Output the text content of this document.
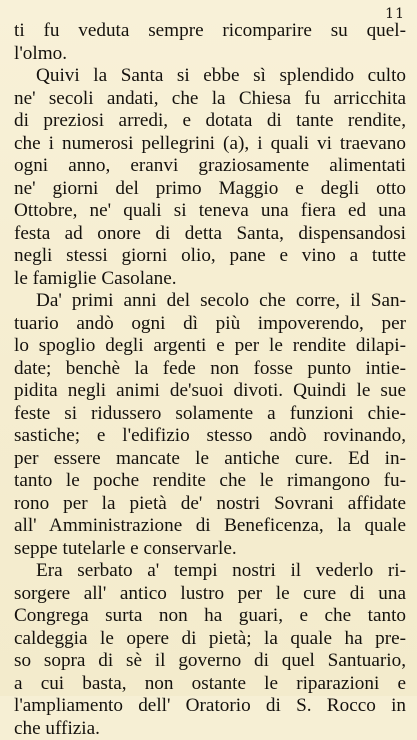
11
ti fu veduta sempre ricomparire su quel-
l'olmo.
Quivi la Santa si ebbe sì splendido culto
ne' secoli andati, che la Chiesa fu arricchita
di preziosi arredi, e dotata di tante rendite,
che i numerosi pellegrini (a), i quali vi traevano
ogni anno, eranvi graziosamente alimentati
ne' giorni del primo Maggio e degli otto
Ottobre, ne' quali si teneva una fiera ed una
festa ad onore di detta Santa, dispensandosi
negli stessi giorni olio, pane e vino a tutte
le famiglie Casolane.
Da' primi anni del secolo che corre, il San-
tuario andò ogni dì più impoverendo, per
lo spoglio degli argenti e per le rendite dilapi-
date; benchè la fede non fosse punto intie-
pidita negli animi de'suoi divoti. Quindi le sue
feste si ridussero solamente a funzioni chie-
sastiche; e l'edifizio stesso andò rovinando,
per essere mancate le antiche cure. Ed in-
tanto le poche rendite che le rimangono fu-
rono per la pietà de' nostri Sovrani affidate
all' Amministrazione di Beneficenza, la quale
seppe tutelarle e conservarle.
Era serbato a' tempi nostri il vederlo ri-
sorgere all' antico lustro per le cure di una
Congrega surta non ha guari, e che tanto
caldeggia le opere di pietà; la quale ha pre-
so sopra di sè il governo di quel Santuario,
a cui basta, non ostante le riparazioni e
l'ampliamento dell' Oratorio di S. Rocco in
che uffizia.
